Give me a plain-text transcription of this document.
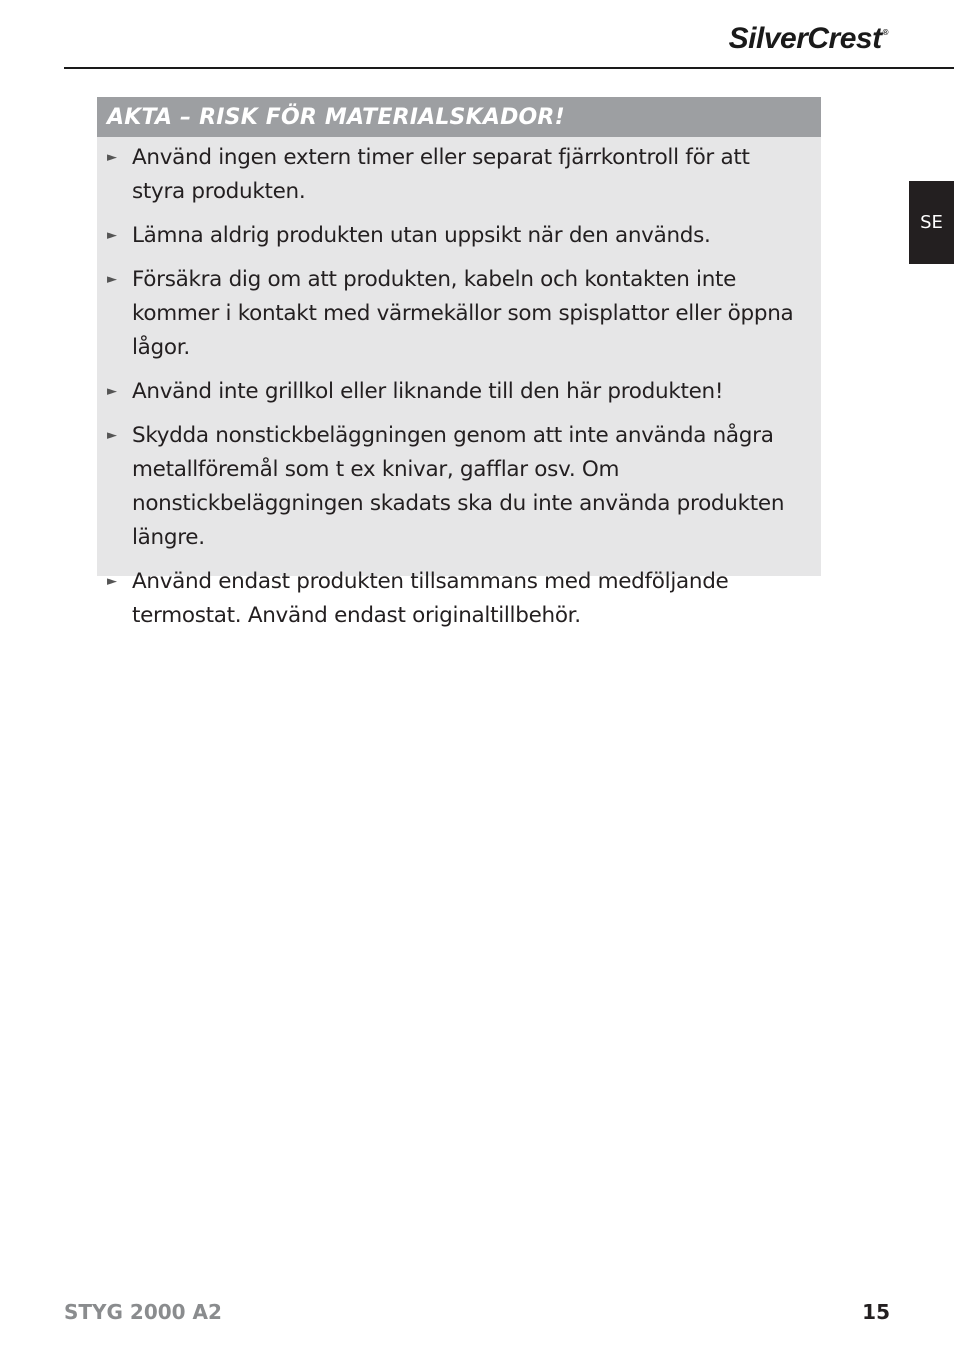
SilverCrest®
SE
AKTA – RISK FÖR MATERIALSKADOR!
► Använd ingen extern timer eller separat fjärrkontroll för att styra produkten.
► Lämna aldrig produkten utan uppsikt när den används.
► Försäkra dig om att produkten, kabeln och kontakten inte kommer i kontakt med värmekällor som spisplattor eller öppna lågor.
► Använd inte grillkol eller liknande till den här produkten!
► Skydda nonstickbeläggningen genom att inte använda några metallföremål som t ex knivar, gafflar osv. Om nonstickbeläggningen skadats ska du inte använda produkten längre.
► Använd endast produkten tillsammans med medföljande termostat. Använd endast originaltillbehör.
STYG 2000 A2	15
